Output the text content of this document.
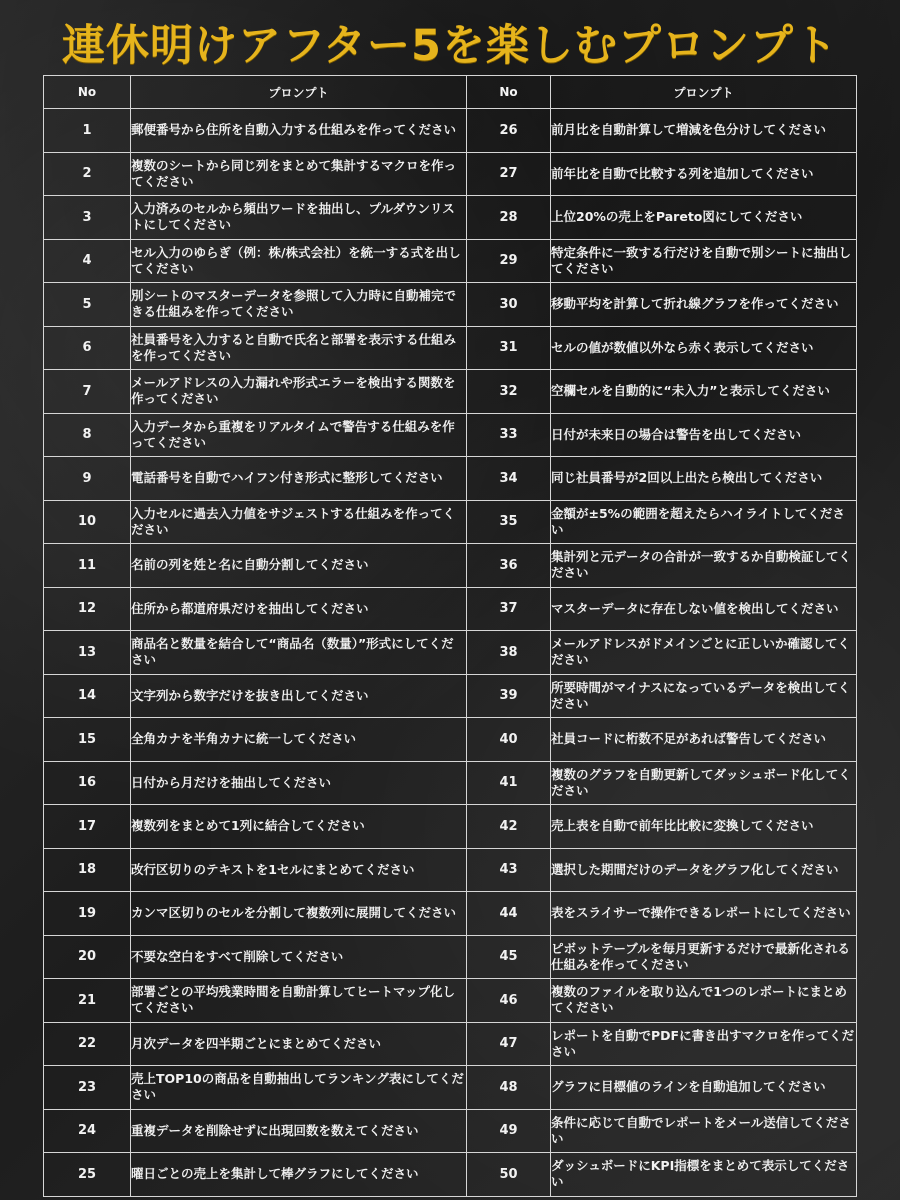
連休明けアフター5を楽しむプロンプト
No	プロンプト	No	プロンプト
1	郵便番号から住所を自動入力する仕組みを作ってください	26	前月比を自動計算して増減を色分けしてください
2	複数のシートから同じ列をまとめて集計するマクロを作ってください	27	前年比を自動で比較する列を追加してください
3	入力済みのセルから頻出ワードを抽出し、プルダウンリストにしてください	28	上位20%の売上をPareto図にしてください
4	セル入力のゆらぎ（例：株/株式会社）を統一する式を出してください	29	特定条件に一致する行だけを自動で別シートに抽出してください
5	別シートのマスターデータを参照して入力時に自動補完できる仕組みを作ってください	30	移動平均を計算して折れ線グラフを作ってください
6	社員番号を入力すると自動で氏名と部署を表示する仕組みを作ってください	31	セルの値が数値以外なら赤く表示してください
7	メールアドレスの入力漏れや形式エラーを検出する関数を作ってください	32	空欄セルを自動的に“未入力”と表示してください
8	入力データから重複をリアルタイムで警告する仕組みを作ってください	33	日付が未来日の場合は警告を出してください
9	電話番号を自動でハイフン付き形式に整形してください	34	同じ社員番号が2回以上出たら検出してください
10	入力セルに過去入力値をサジェストする仕組みを作ってください	35	金額が±5%の範囲を超えたらハイライトしてください
11	名前の列を姓と名に自動分割してください	36	集計列と元データの合計が一致するか自動検証してください
12	住所から都道府県だけを抽出してください	37	マスターデータに存在しない値を検出してください
13	商品名と数量を結合して“商品名（数量）”形式にしてください	38	メールアドレスがドメインごとに正しいか確認してください
14	文字列から数字だけを抜き出してください	39	所要時間がマイナスになっているデータを検出してください
15	全角カナを半角カナに統一してください	40	社員コードに桁数不足があれば警告してください
16	日付から月だけを抽出してください	41	複数のグラフを自動更新してダッシュボード化してください
17	複数列をまとめて1列に結合してください	42	売上表を自動で前年比比較に変換してください
18	改行区切りのテキストを1セルにまとめてください	43	選択した期間だけのデータをグラフ化してください
19	カンマ区切りのセルを分割して複数列に展開してください	44	表をスライサーで操作できるレポートにしてください
20	不要な空白をすべて削除してください	45	ピボットテーブルを毎月更新するだけで最新化される仕組みを作ってください
21	部署ごとの平均残業時間を自動計算してヒートマップ化してください	46	複数のファイルを取り込んで1つのレポートにまとめてください
22	月次データを四半期ごとにまとめてください	47	レポートを自動でPDFに書き出すマクロを作ってください
23	売上TOP10の商品を自動抽出してランキング表にしてください	48	グラフに目標値のラインを自動追加してください
24	重複データを削除せずに出現回数を数えてください	49	条件に応じて自動でレポートをメール送信してください
25	曜日ごとの売上を集計して棒グラフにしてください	50	ダッシュボードにKPI指標をまとめて表示してください
